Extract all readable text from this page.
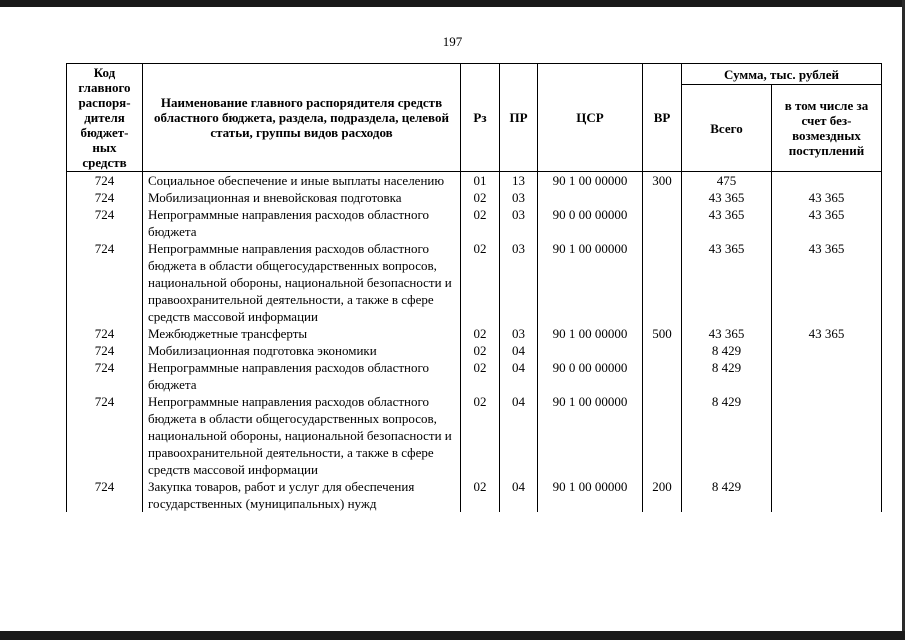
197
Код главного распоря-дителя бюджет-ных средств	Наименование главного распорядителя средств областного бюджета, раздела, подраздела, целевой статьи, группы видов расходов	Рз	ПР	ЦСР	ВР	Сумма, тыс. рублей	
						Всего	в том числе за счет без-возмездных поступлений
724	Социальное обеспечение и иные выплаты населению	01	13	90 1 00 00000	300	475	
724	Мобилизационная и вневойсковая подготовка	02	03			43 365	43 365
724	Непрограммные направления расходов областного бюджета	02	03	90 0 00 00000		43 365	43 365
724	Непрограммные направления расходов областного бюджета в области общегосударственных вопросов, национальной обороны, национальной безопасности и правоохранительной деятельности, а также в сфере средств массовой информации	02	03	90 1 00 00000		43 365	43 365
724	Межбюджетные трансферты	02	03	90 1 00 00000	500	43 365	43 365
724	Мобилизационная подготовка экономики	02	04			8 429	
724	Непрограммные направления расходов областного бюджета	02	04	90 0 00 00000		8 429	
724	Непрограммные направления расходов областного бюджета в области общегосударственных вопросов, национальной обороны, национальной безопасности и правоохранительной деятельности, а также в сфере средств массовой информации	02	04	90 1 00 00000		8 429	
724	Закупка товаров, работ и услуг для обеспечения государственных (муниципальных) нужд	02	04	90 1 00 00000	200	8 429	
